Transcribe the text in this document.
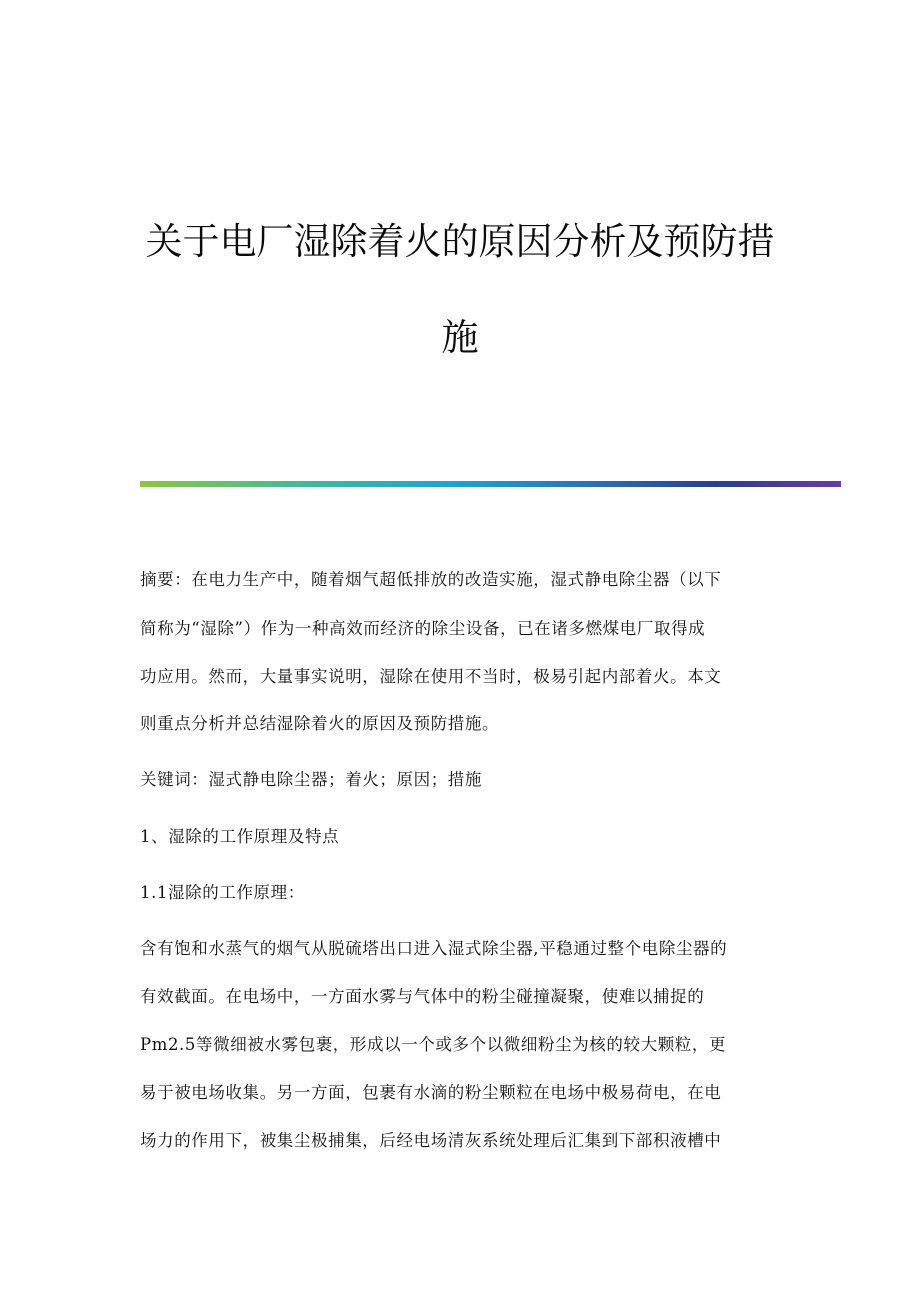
关于电厂湿除着火的原因分析及预防措
施

摘要：在电力生产中，随着烟气超低排放的改造实施，湿式静电除尘器（以下

简称为“湿除”）作为一种高效而经济的除尘设备，已在诸多燃煤电厂取得成

功应用。然而，大量事实说明，湿除在使用不当时，极易引起内部着火。本文

则重点分析并总结湿除着火的原因及预防措施。

关键词：湿式静电除尘器；着火；原因；措施

1、湿除的工作原理及特点

1.1湿除的工作原理：

含有饱和水蒸气的烟气从脱硫塔出口进入湿式除尘器,平稳通过整个电除尘器的

有效截面。在电场中，一方面水雾与气体中的粉尘碰撞凝聚，使难以捕捉的

Pm2.5等微细被水雾包裹，形成以一个或多个以微细粉尘为核的较大颗粒，更

易于被电场收集。另一方面，包裹有水滴的粉尘颗粒在电场中极易荷电，在电

场力的作用下，被集尘极捕集，后经电场清灰系统处理后汇集到下部积液槽中
